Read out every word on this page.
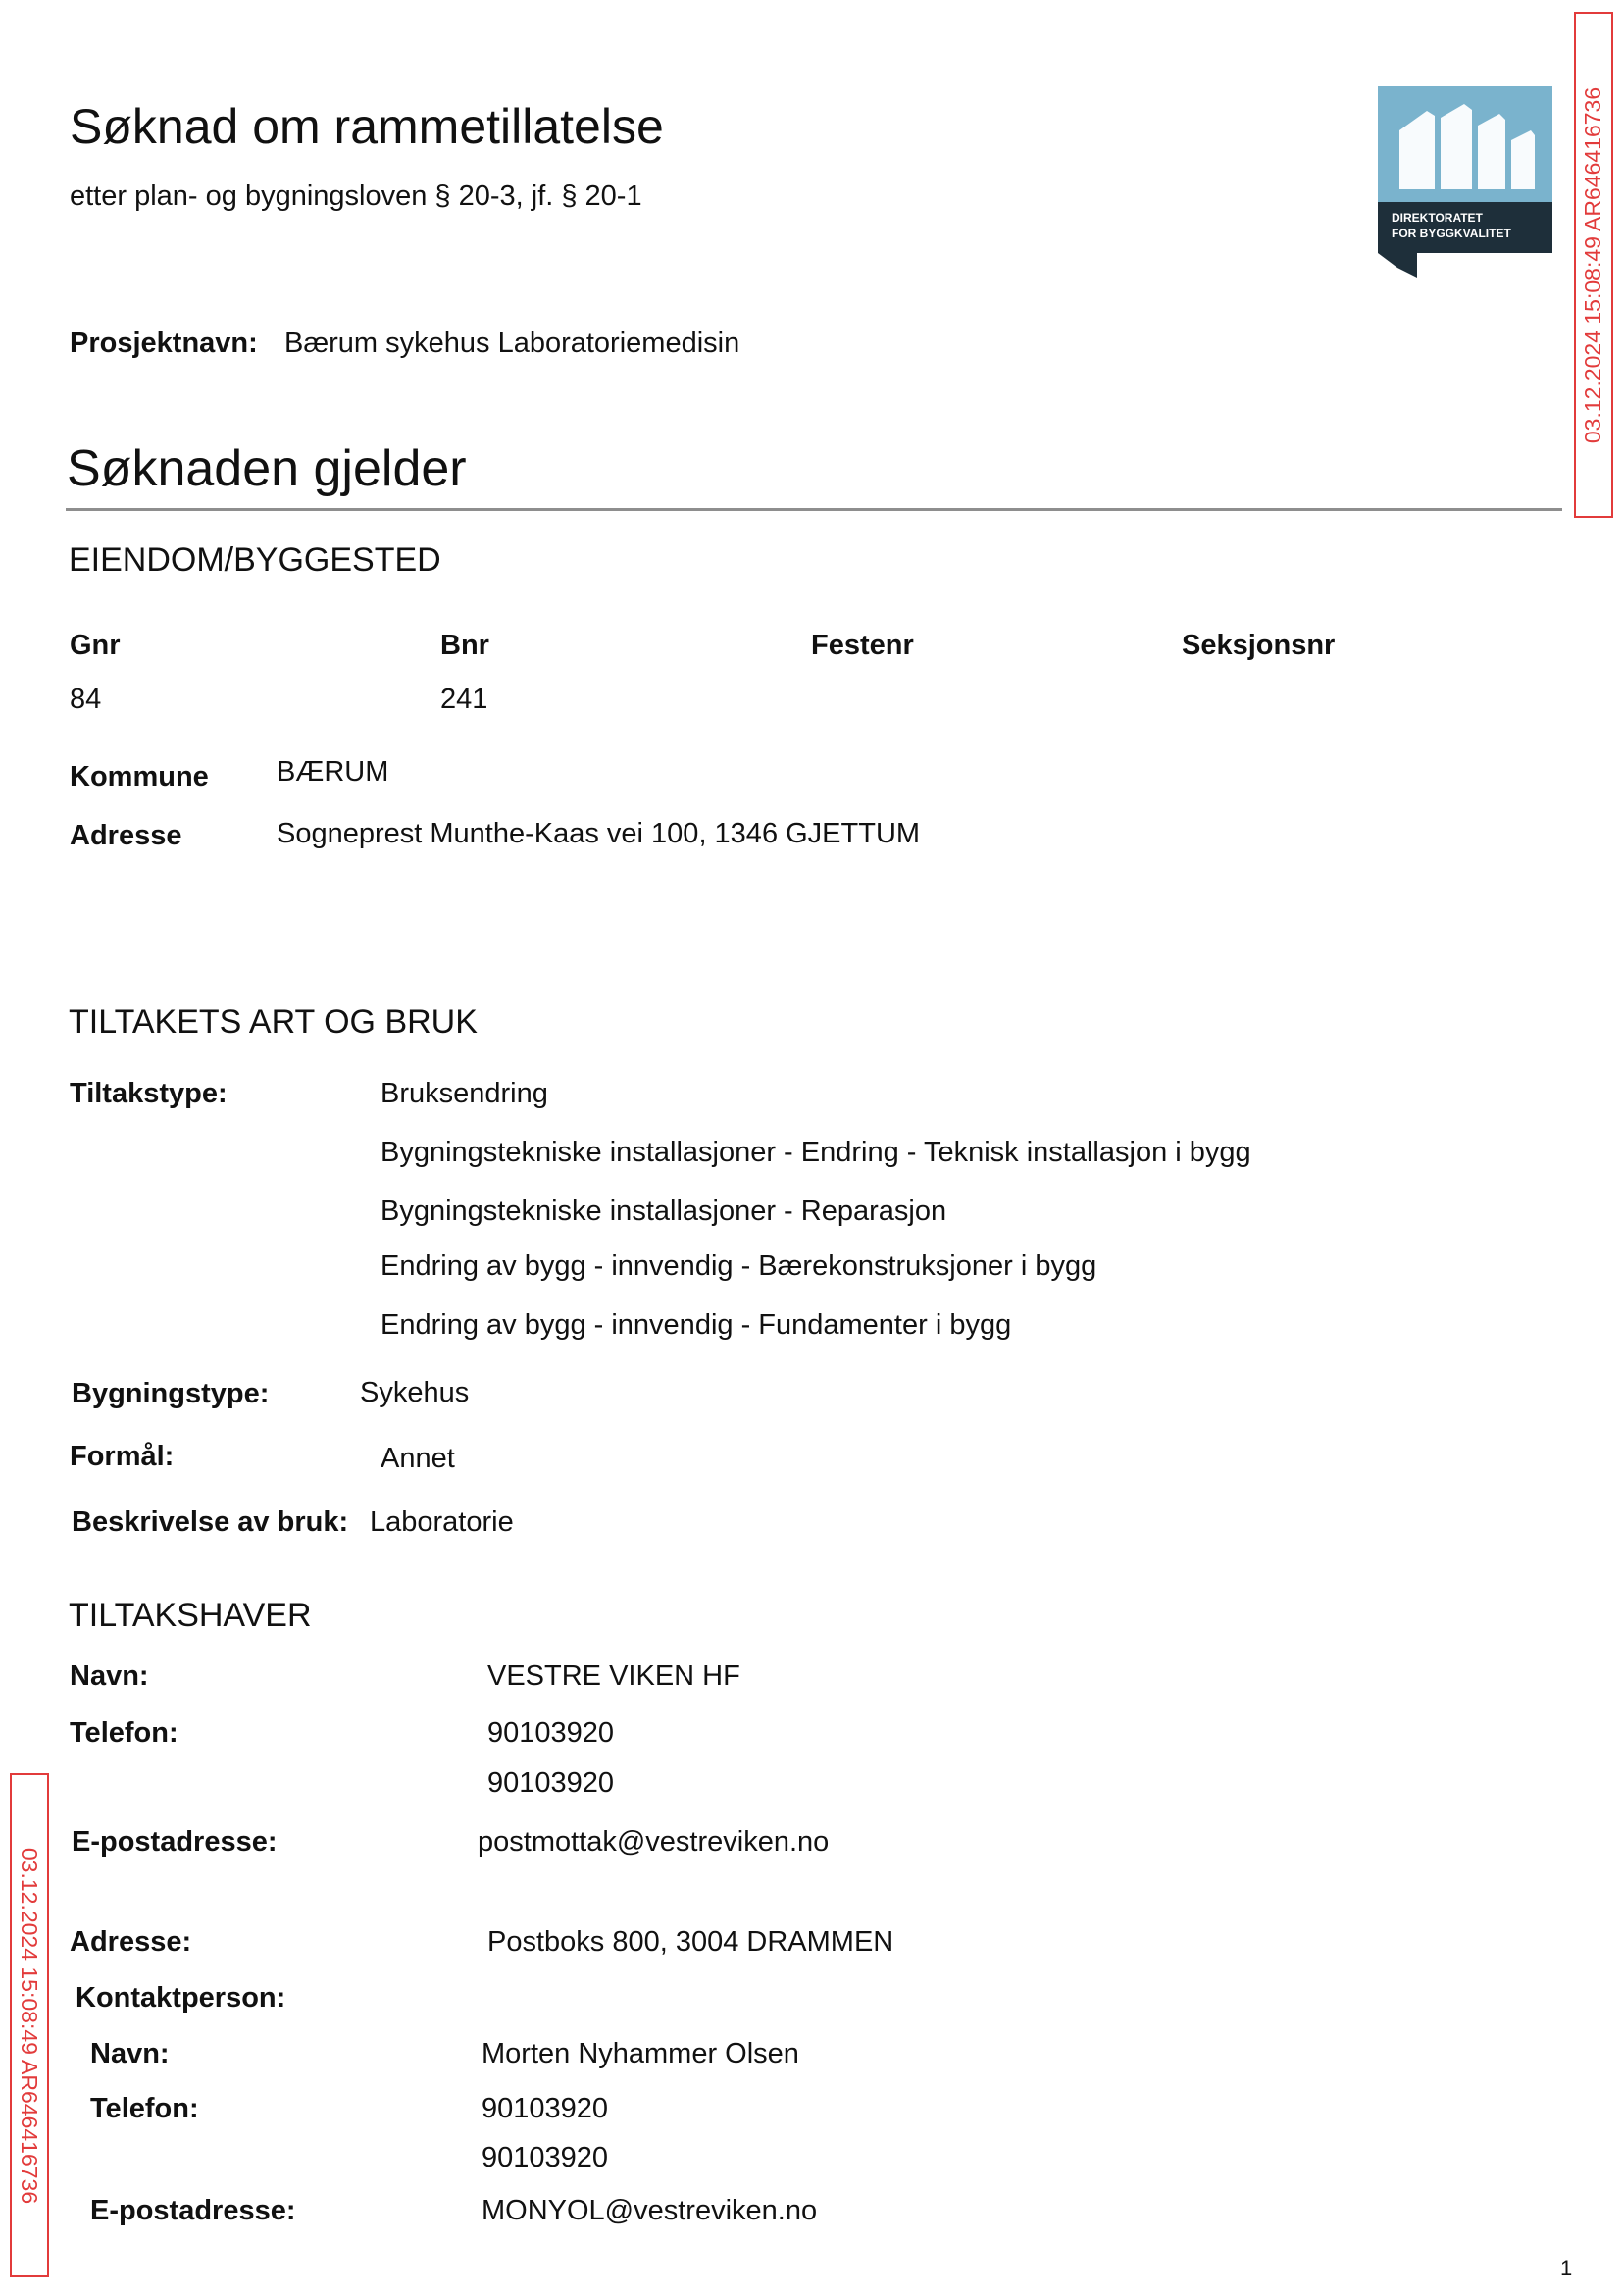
Søknad om rammetillatelse
etter plan- og bygningsloven § 20-3, jf. § 20-1
DIREKTORATET
FOR BYGGKVALITET	03.12.2024 15:08:49 AR646416736
03.12.2024 15:08:49 AR646416736
Prosjektnavn: Bærum sykehus Laboratoriemedisin
Søknaden gjelder
EIENDOM/BYGGESTED
Gnr	Bnr	Festenr	Seksjonsnr
84	241
Kommune BÆRUM
Adresse	Sogneprest Munthe-Kaas vei 100, 1346 GJETTUM
TILTAKETS ART OG BRUK
Tiltakstype:	Bruksendring
Bygningstekniske installasjoner - Endring - Teknisk installasjon i bygg
Bygningstekniske installasjoner - Reparasjon
Endring av bygg - innvendig - Bærekonstruksjoner i bygg
Endring av bygg - innvendig - Fundamenter i bygg
Bygningstype:	Sykehus
Formål:	Annet
Beskrivelse av bruk: Laboratorie
TILTAKSHAVER
Navn:	VESTRE VIKEN HF
Telefon:	90103920
90103920
E-postadresse:	postmottak@vestreviken.no
Adresse:	Postboks 800, 3004 DRAMMEN
Kontaktperson:
Navn:	Morten Nyhammer Olsen
Telefon:	90103920
90103920
E-postadresse:	MONYOL@vestreviken.no
1
